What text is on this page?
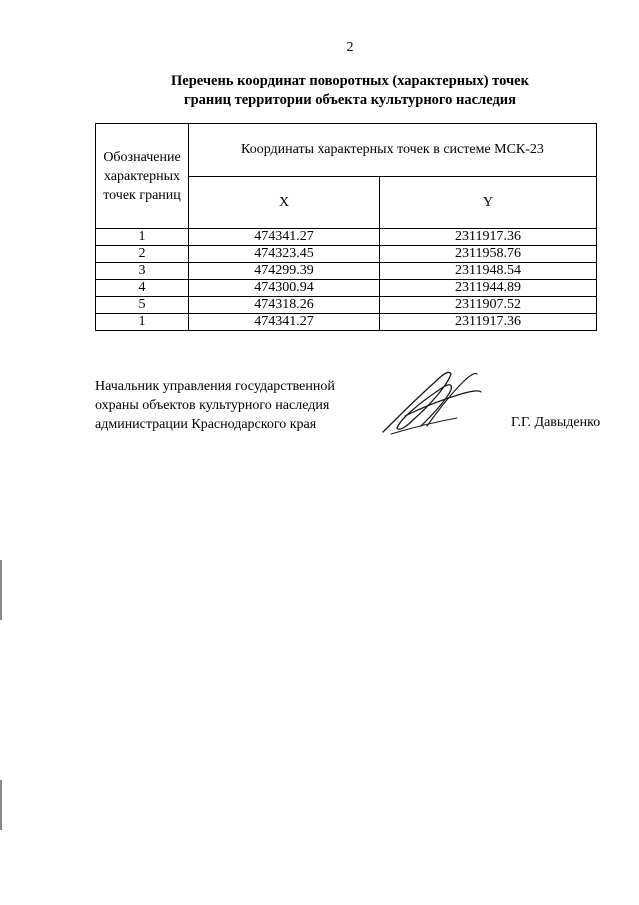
2
Перечень координат поворотных (характерных) точек
границ территории объекта культурного наследия
Обозначение
характерных
точек границ	Координаты характерных точек в системе МСК-23	
	X	Y
1	474341.27	2311917.36
2	474323.45	2311958.76
3	474299.39	2311948.54
4	474300.94	2311944.89
5	474318.26	2311907.52
1	474341.27	2311917.36
Начальник управления государственной
охраны объектов культурного наследия
администрации Краснодарского края	Г.Г. Давыденко
